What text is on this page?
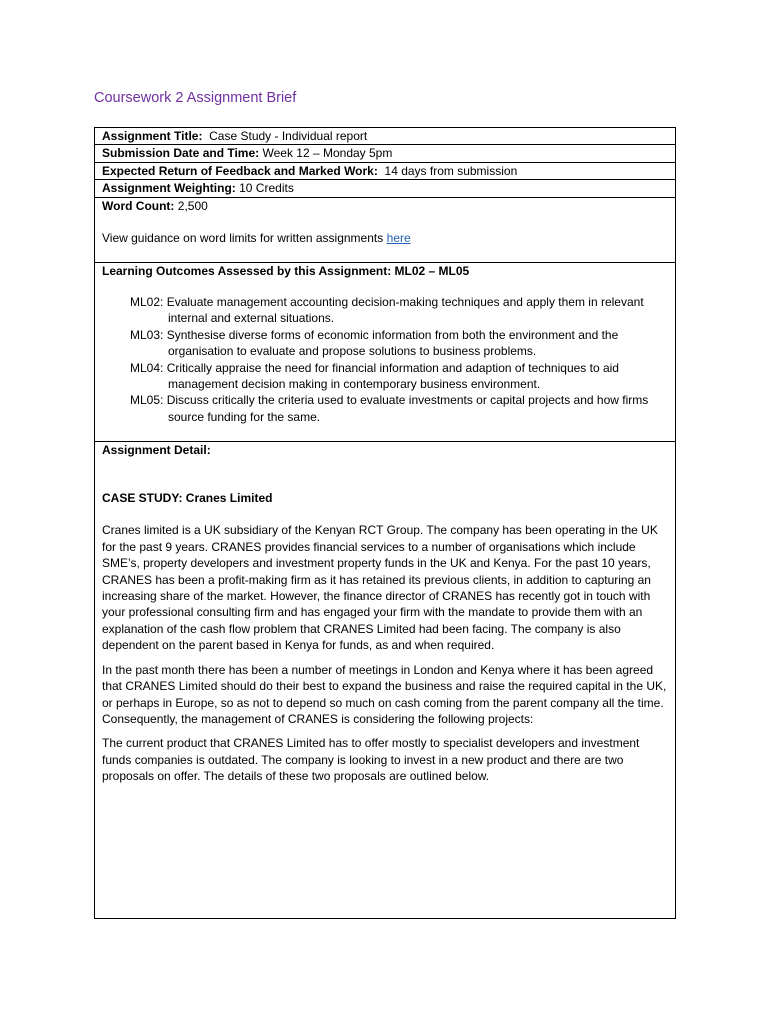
Coursework 2 Assignment Brief
Assignment Title: Case Study - Individual report
Submission Date and Time: Week 12 – Monday 5pm
Expected Return of Feedback and Marked Work: 14 days from submission
Assignment Weighting: 10 Credits
Word Count: 2,500
View guidance on word limits for written assignments here

Learning Outcomes Assessed by this Assignment: ML02 – ML05
ML02: Evaluate management accounting decision-making techniques and apply them in relevant internal and external situations.
ML03: Synthesise diverse forms of economic information from both the environment and the organisation to evaluate and propose solutions to business problems.
ML04: Critically appraise the need for financial information and adaption of techniques to aid management decision making in contemporary business environment.
ML05: Discuss critically the criteria used to evaluate investments or capital projects and how firms source funding for the same.

Assignment Detail:
CASE STUDY: Cranes Limited
Cranes limited is a UK subsidiary of the Kenyan RCT Group. The company has been operating in the UK for the past 9 years. CRANES provides financial services to a number of organisations which include SME’s, property developers and investment property funds in the UK and Kenya. For the past 10 years, CRANES has been a profit-making firm as it has retained its previous clients, in addition to capturing an increasing share of the market. However, the finance director of CRANES has recently got in touch with your professional consulting firm and has engaged your firm with the mandate to provide them with an explanation of the cash flow problem that CRANES Limited had been facing. The company is also dependent on the parent based in Kenya for funds, as and when required.
In the past month there has been a number of meetings in London and Kenya where it has been agreed that CRANES Limited should do their best to expand the business and raise the required capital in the UK, or perhaps in Europe, so as not to depend so much on cash coming from the parent company all the time. Consequently, the management of CRANES is considering the following projects:
The current product that CRANES Limited has to offer mostly to specialist developers and investment funds companies is outdated. The company is looking to invest in a new product and there are two proposals on offer. The details of these two proposals are outlined below.
